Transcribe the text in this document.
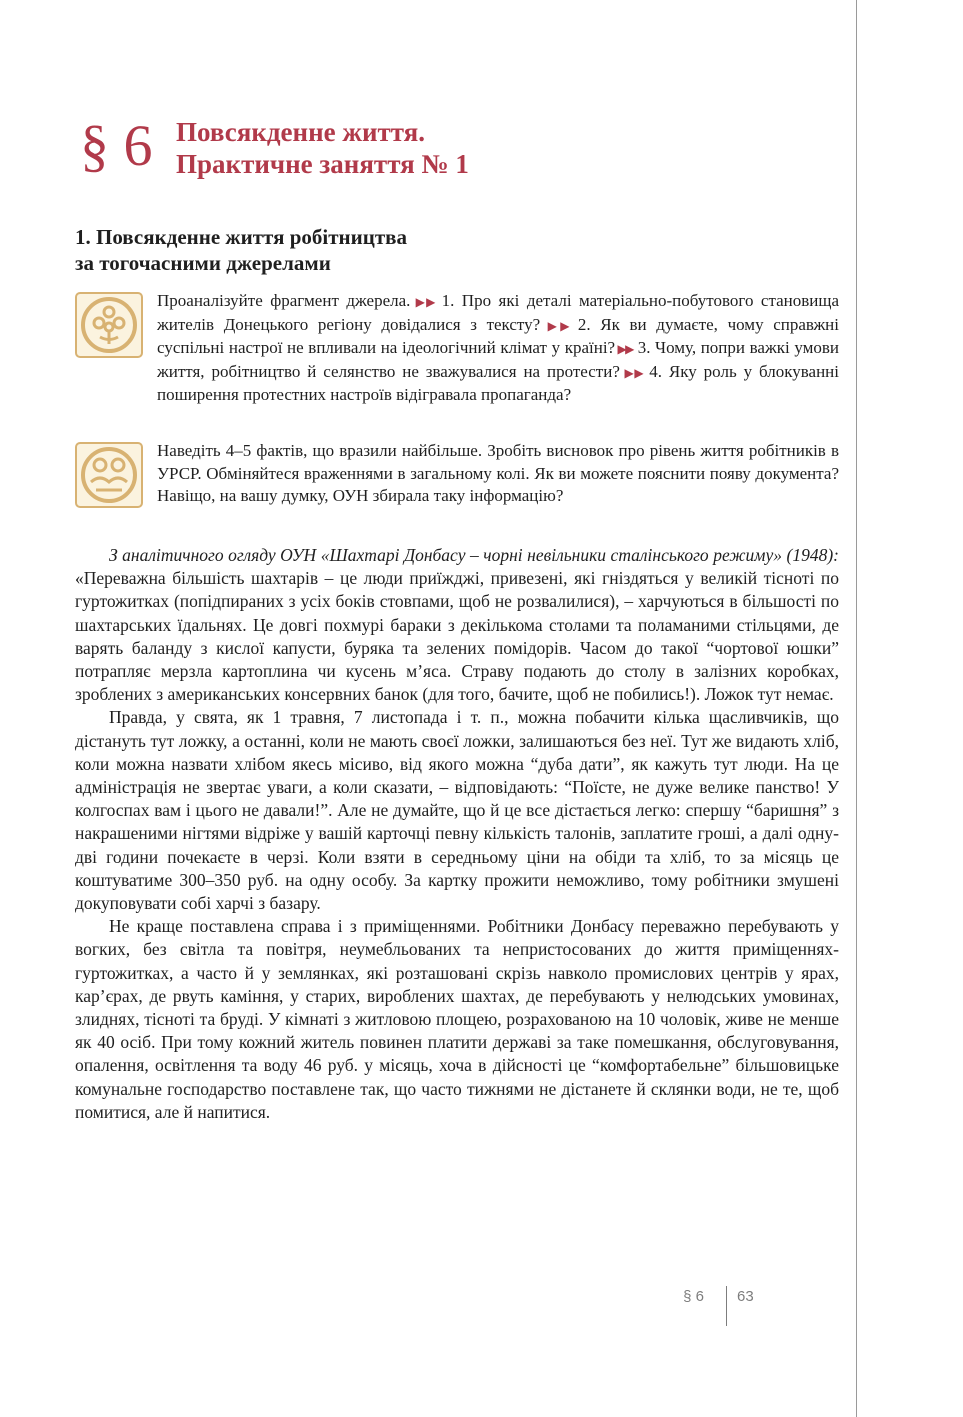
§ 6 Повсякденне життя.
Практичне заняття № 1
1. Повсякденне життя робітництва
за тогочасними джерелами
Проаналізуйте фрагмент джерела. ▶▶ 1. Про які деталі матеріально-побутового становища жителів Донецького регіону довідалися з тексту? ▶▶ 2. Як ви думаєте, чому справжні суспільні настрої не впливали на ідеологічний клімат у країні? ▶▶ 3. Чому, попри важкі умови життя, робітництво й селянство не зважувалися на протести? ▶▶ 4. Яку роль у блокуванні поширення протестних настроїв відігравала пропаганда?
Наведіть 4–5 фактів, що вразили найбільше. Зробіть висновок про рівень життя робітників в УРСР. Обміняйтеся враженнями в загальному колі. Як ви можете пояснити появу документа? Навіщо, на вашу думку, ОУН збирала таку інформацію?

З аналітичного огляду ОУН «Шахтарі Донбасу – чорні невільники сталінського режиму» (1948): «Переважна більшість шахтарів – це люди приїжджі, привезені, які гніздяться у великій тісноті по гуртожитках (попідпираних з усіх боків стовпами, щоб не розвалилися), – харчуються в більшості по шахтарських їдальнях. Це довгі похмурі бараки з декількома столами та поламаними стільцями, де варять баланду з кислої капусти, буряка та зелених помідорів. Часом до такої “чортової юшки” потрапляє мерзла картоплина чи кусень м’яса. Страву подають до столу в залізних коробках, зроблених з американських консервних банок (для того, бачите, щоб не побились!). Ложок тут немає.

Правда, у свята, як 1 травня, 7 листопада і т. п., можна побачити кілька щасливчиків, що дістануть тут ложку, а останні, коли не мають своєї ложки, залишаються без неї. Тут же видають хліб, коли можна назвати хлібом якесь місиво, від якого можна “дуба дати”, як кажуть тут люди. На це адміністрація не звертає уваги, а коли сказати, – відповідають: “Поїсте, не дуже велике панство! У колгоспах вам і цього не давали!”. Але не думайте, що й це все дістається легко: спершу “баришня” з накрашеними нігтями відріже у вашій карточці певну кількість талонів, заплатите гроші, а далі одну-дві години почекаєте в черзі. Коли взяти в середньому ціни на обіди та хліб, то за місяць це коштуватиме 300–350 руб. на одну особу. За картку прожити неможливо, тому робітники змушені докуповувати собі харчі з базару.

Не краще поставлена справа і з приміщеннями. Робітники Донбасу переважно перебувають у вогких, без світла та повітря, неумебльованих та непристосованих до життя приміщеннях-гуртожитках, а часто й у землянках, які розташовані скрізь навколо промислових центрів у ярах, кар’єрах, де рвуть каміння, у старих, вироблених шахтах, де перебувають у нелюдських умовинах, злиднях, тісноті та бруді. У кімнаті з житловою площею, розрахованою на 10 чоловік, живе не менше як 40 осіб. При тому кожний житель повинен платити державі за таке помешкання, обслуговування, опалення, освітлення та воду 46 руб. у місяць, хоча в дійсності це “комфортабельне” більшовицьке комунальне господарство поставлене так, що часто тижнями не дістанете й склянки води, не те, щоб помитися, але й напитися.

§ 6 63
